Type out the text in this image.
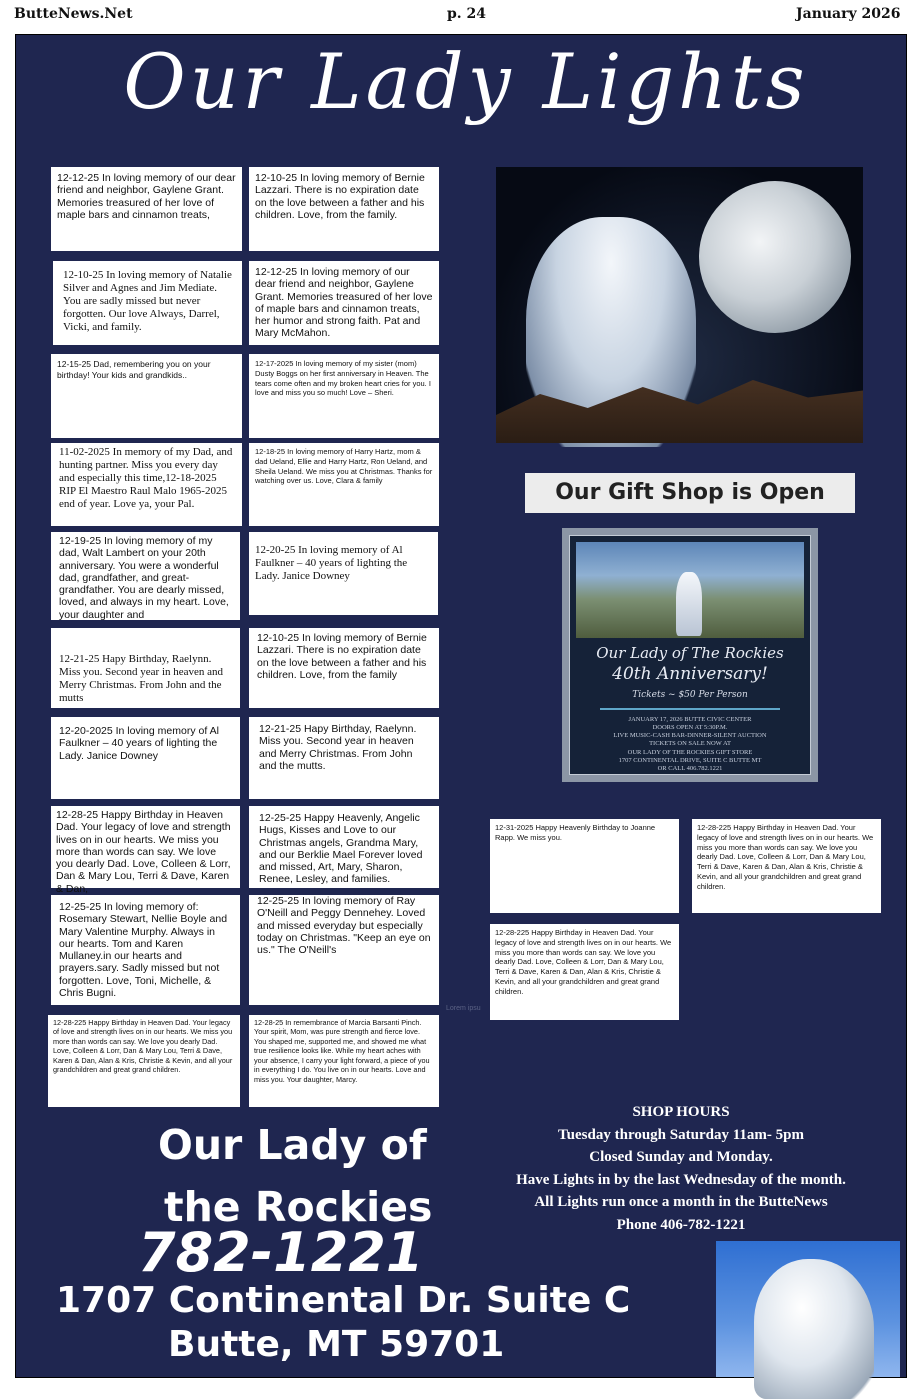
ButteNews.Net	p. 24	January 2026
Our Lady Lights
12-12-25 In loving memory of our dear friend and neighbor, Gaylene Grant. Memories treasured of her love of maple bars and cinnamon treats,
12-10-25 In loving memory of Bernie Lazzari. There is no expiration date on the love between a father and his children. Love, from the family.
12-10-25 In loving memory of Natalie Silver and Agnes and Jim Mediate. You are sadly missed but never forgotten. Our love Always, Darrel, Vicki, and family.
12-12-25 In loving memory of our dear friend and neighbor, Gaylene Grant. Memories treasured of her love of maple bars and cinnamon treats, her humor and strong faith. Pat and Mary McMahon.
12-15-25 Dad, remembering you on your birthday! Your kids and grandkids..
12-17-2025 In loving memory of my sister (mom) Dusty Boggs on her first anniversary in Heaven. The tears come often and my broken heart cries for you. I love and miss you so much! Love – Sheri.
11-02-2025 In memory of my Dad, and hunting partner. Miss you every day and especially this time,12-18-2025 RIP El Maestro Raul Malo 1965-2025 end of year. Love ya, your Pal.
12-18-25 In loving memory of Harry Hartz, mom & dad Ueland, Ellie and Harry Hartz, Ron Ueland, and Sheila Ueland. We miss you at Christmas. Thanks for watching over us. Love, Clara & family
12-19-25 In loving memory of my dad, Walt Lambert on your 20th anniversary. You were a wonderful dad, grandfather, and great-grandfather. You are dearly missed, loved, and always in my heart. Love, your daughter and
12-20-25 In loving memory of Al Faulkner – 40 years of lighting the Lady. Janice Downey
12-21-25 Hapy Birthday, Raelynn. Miss you. Second year in heaven and Merry Christmas. From John and the mutts
12-10-25 In loving memory of Bernie Lazzari. There is no expiration date on the love between a father and his children. Love, from the family
12-20-2025 In loving memory of Al Faulkner – 40 years of lighting the Lady. Janice Downey
12-21-25 Hapy Birthday, Raelynn. Miss you. Second year in heaven and Merry Christmas. From John and the mutts.
12-28-25 Happy Birthday in Heaven Dad. Your legacy of love and strength lives on in our hearts. We miss you more than words can say. We love you dearly Dad. Love, Colleen & Lorr, Dan & Mary Lou, Terri & Dave, Karen & Dan,
12-25-25 Happy Heavenly, Angelic Hugs, Kisses and Love to our Christmas angels, Grandma Mary, and our Berklie Mael Forever loved and missed, Art, Mary, Sharon, Renee, Lesley, and families.
12-25-25 In loving memory of: Rosemary Stewart, Nellie Boyle and Mary Valentine Murphy. Always in our hearts. Tom and Karen Mullaney.in our hearts and prayers.sary. Sadly missed but not forgotten. Love, Toni, Michelle, & Chris Bugni.
12-25-25 In loving memory of Ray O'Neill and Peggy Dennehey. Loved and missed everyday but especially today on Christmas. "Keep an eye on us." The O'Neill's
12-28-225 Happy Birthday in Heaven Dad. Your legacy of love and strength lives on in our hearts. We miss you more than words can say. We love you dearly Dad. Love, Colleen & Lorr, Dan & Mary Lou, Terri & Dave, Karen & Dan, Alan & Kris, Christie & Kevin, and all your grandchildren and great grand children.
12-28-25 In remembrance of Marcia Barsanti Pinch. Your spirit, Mom, was pure strength and fierce love. You shaped me, supported me, and showed me what true resilience looks like. While my heart aches with your absence, I carry your light forward, a piece of you in everything I do. You live on in our hearts. Love and miss you. Your daughter, Marcy.
Lorem ipsu
Our Gift Shop is Open
Our Lady of The Rockies
40th Anniversary!
Tickets ~ $50 Per Person
JANUARY 17, 2026 BUTTE CIVIC CENTER
DOORS OPEN AT 5:30P.M.
LIVE MUSIC-CASH BAR-DINNER-SILENT AUCTION
TICKETS ON SALE NOW AT
OUR LADY OF THE ROCKIES GIFT STORE
1707 CONTINENTAL DRIVE, SUITE C BUTTE MT
OR CALL 406.782.1221
12-31-2025 Happy Heavenly Birthday to Joanne Rapp. We miss you.
12-28-225 Happy Birthday in Heaven Dad. Your legacy of love and strength lives on in our hearts. We miss you more than words can say. We love you dearly Dad. Love, Colleen & Lorr, Dan & Mary Lou, Terri & Dave, Karen & Dan, Alan & Kris, Christie & Kevin, and all your grandchildren and great grand children.
12-28-225 Happy Birthday in Heaven Dad. Your legacy of love and strength lives on in our hearts. We miss you more than words can say. We love you dearly Dad. Love, Colleen & Lorr, Dan & Mary Lou, Terri & Dave, Karen & Dan, Alan & Kris, Christie & Kevin, and all your grandchildren and great grand children.
SHOP HOURS
Tuesday through Saturday 11am- 5pm
Closed Sunday and Monday.
Have Lights in by the last Wednesday of the month.
All Lights run once a month in the ButteNews
Phone 406-782-1221
Our Lady of
the Rockies
782-1221
1707 Continental Dr. Suite C
Butte, MT 59701
